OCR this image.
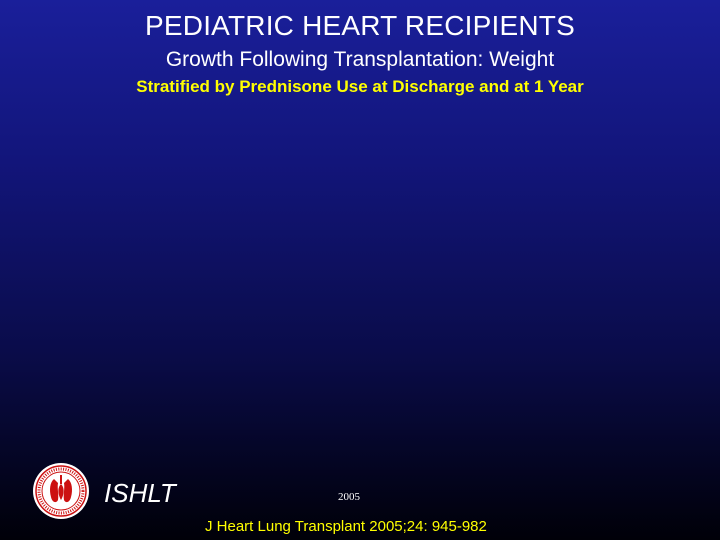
PEDIATRIC HEART RECIPIENTS
Growth Following Transplantation: Weight
Stratified by Prednisone Use at Discharge and at 1 Year
ISHLT	2005
J Heart Lung Transplant 2005;24: 945-982
